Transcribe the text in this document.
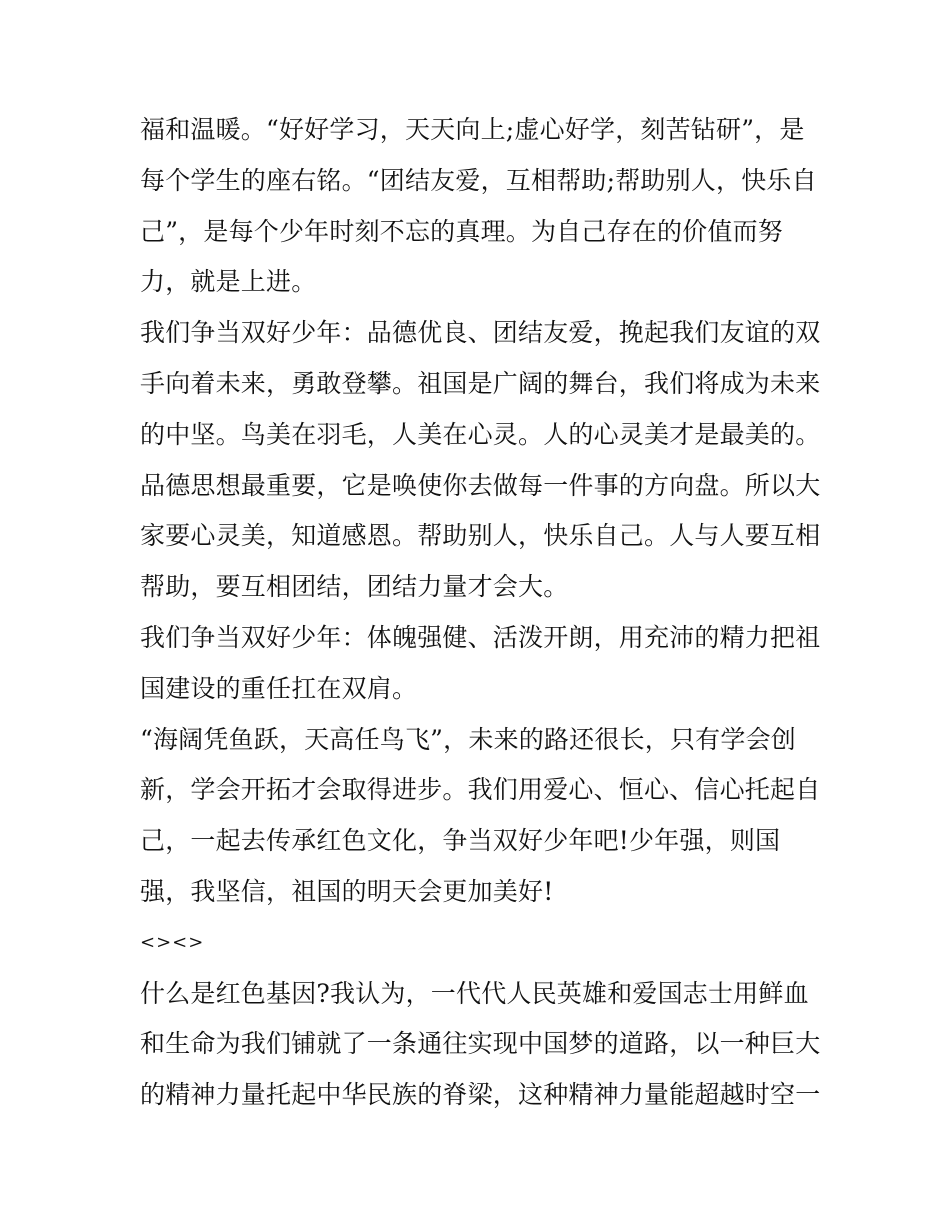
福和温暖。“好好学习，天天向上;虚心好学，刻苦钻研”，是
每个学生的座右铭。“团结友爱，互相帮助;帮助别人，快乐自
己”，是每个少年时刻不忘的真理。为自己存在的价值而努
力，就是上进。
我们争当双好少年：品德优良、团结友爱，挽起我们友谊的双
手向着未来，勇敢登攀。祖国是广阔的舞台，我们将成为未来
的中坚。鸟美在羽毛，人美在心灵。人的心灵美才是最美的。
品德思想最重要，它是唤使你去做每一件事的方向盘。所以大
家要心灵美，知道感恩。帮助别人，快乐自己。人与人要互相
帮助，要互相团结，团结力量才会大。
我们争当双好少年：体魄强健、活泼开朗，用充沛的精力把祖
国建设的重任扛在双肩。
“海阔凭鱼跃，天高任鸟飞”，未来的路还很长，只有学会创
新，学会开拓才会取得进步。我们用爱心、恒心、信心托起自
己，一起去传承红色文化，争当双好少年吧!少年强，则国
强，我坚信，祖国的明天会更加美好!
<><>
什么是红色基因?我认为，一代代人民英雄和爱国志士用鲜血
和生命为我们铺就了一条通往实现中国梦的道路，以一种巨大
的精神力量托起中华民族的脊梁，这种精神力量能超越时空一
